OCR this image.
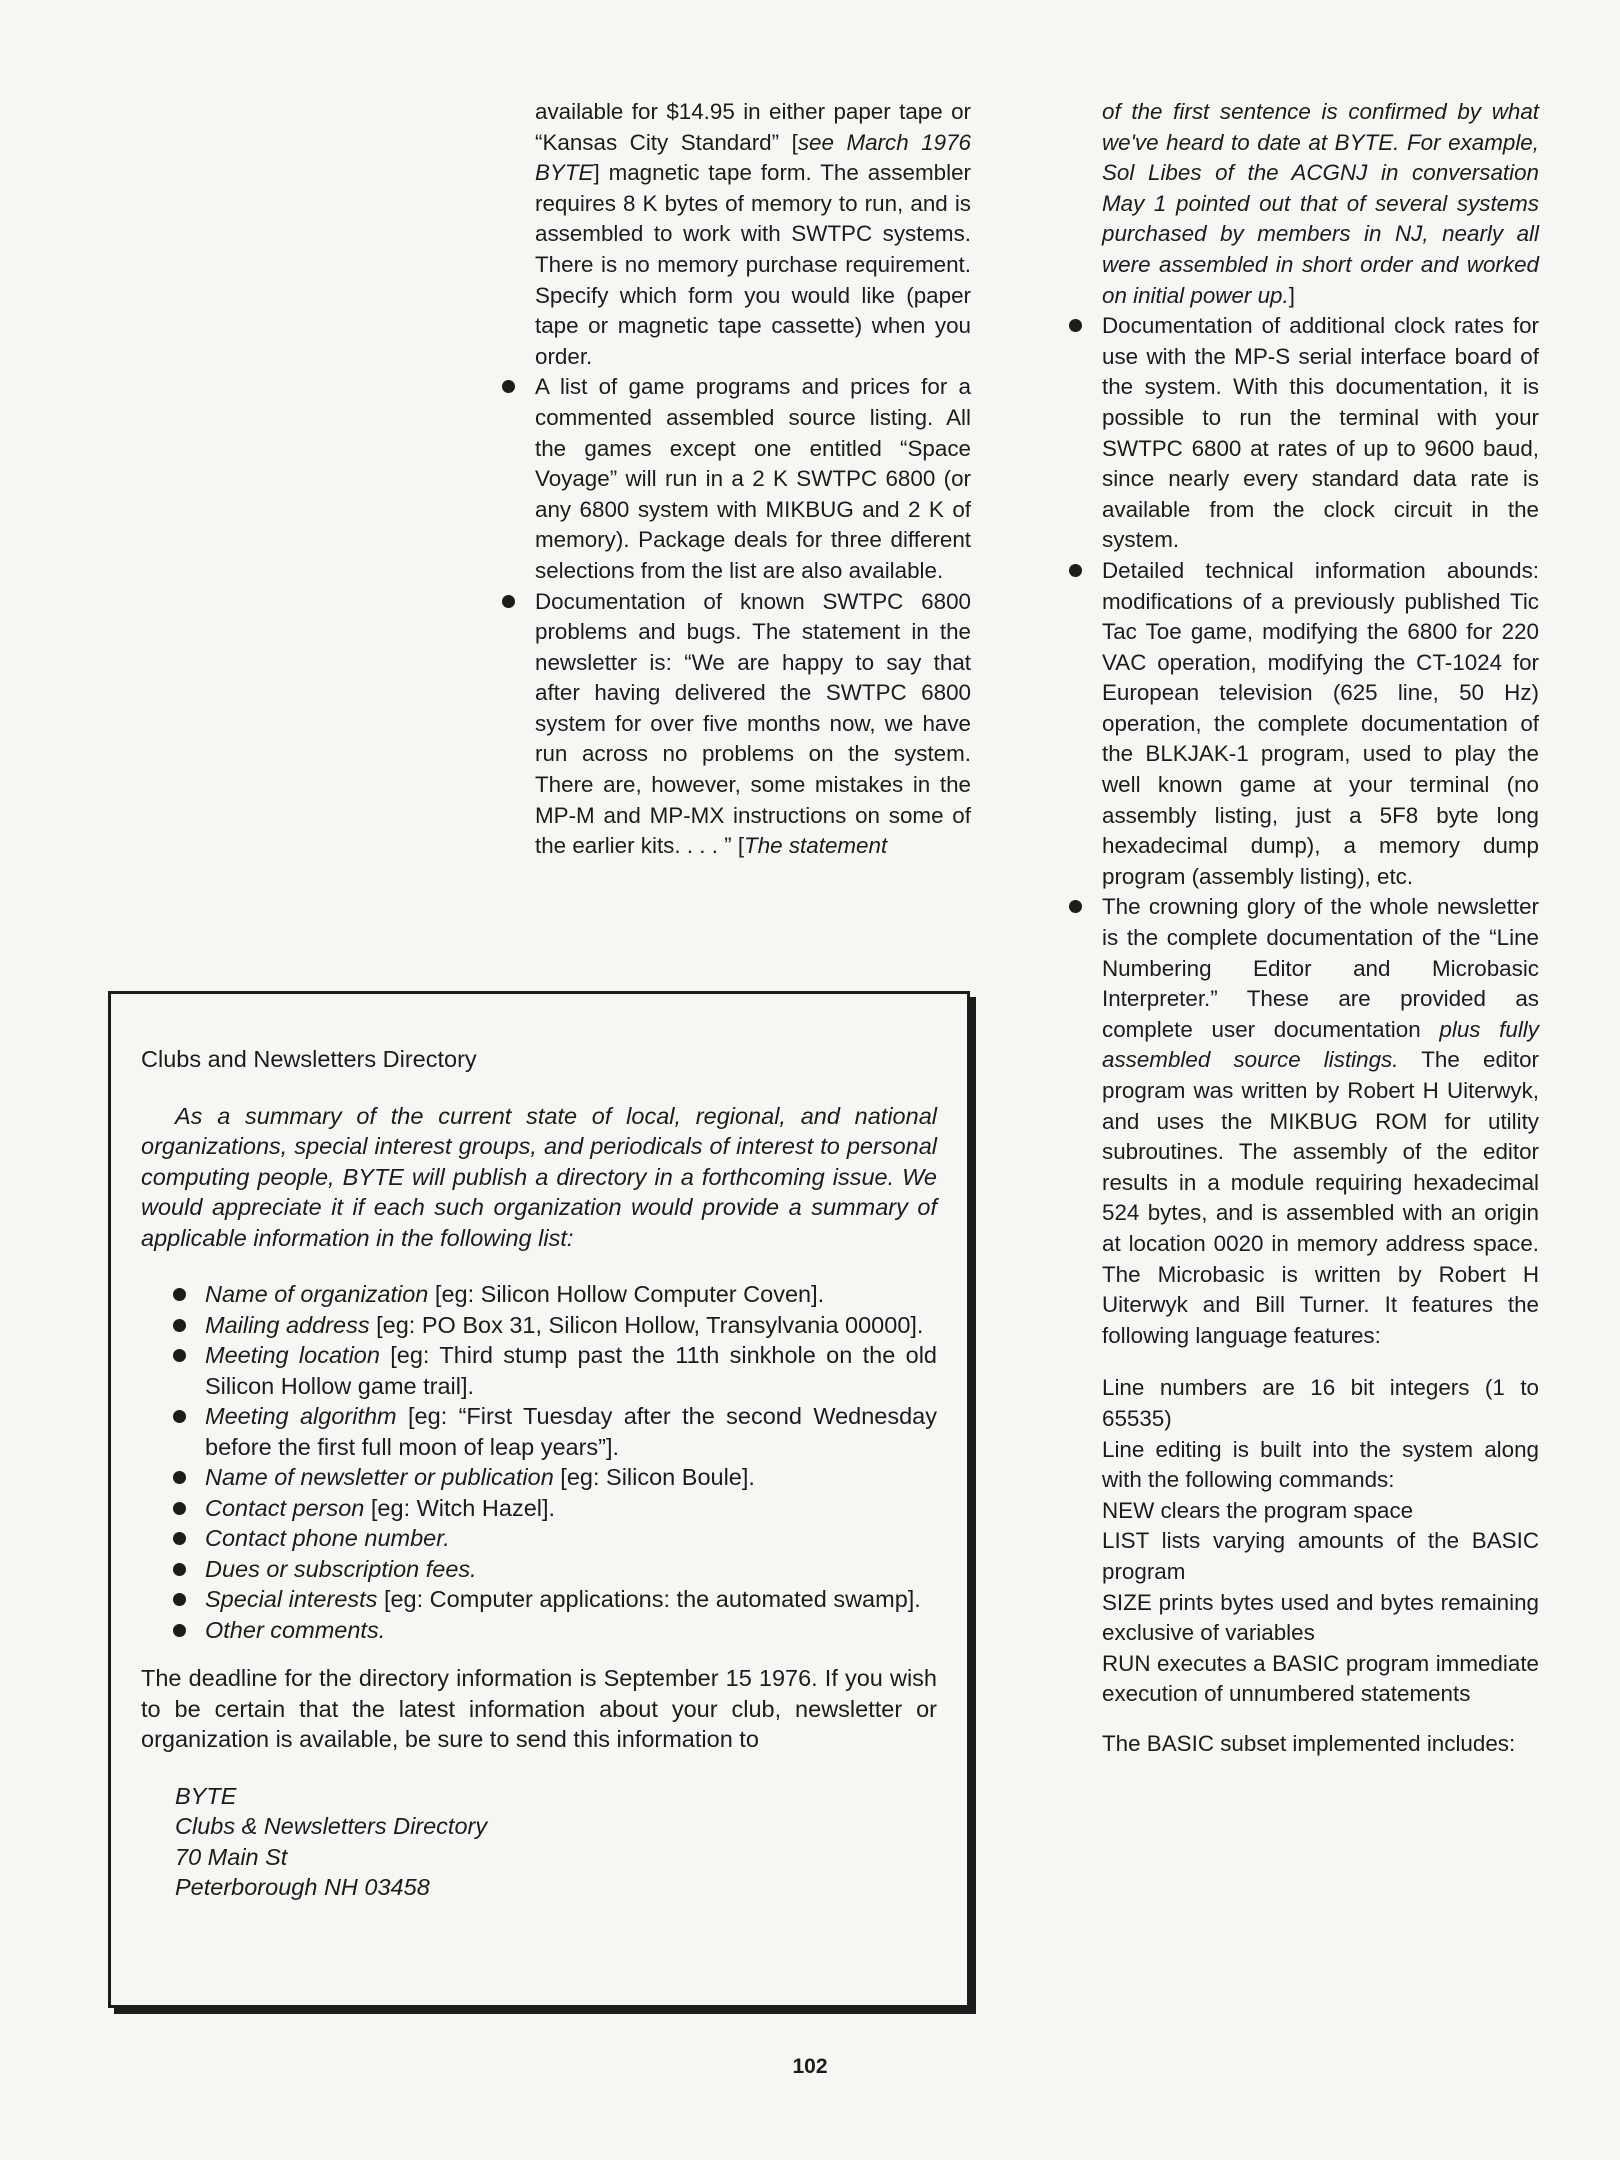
available for $14.95 in either paper tape or “Kansas City Standard” [see March 1976 BYTE] magnetic tape form. The assembler requires 8 K bytes of memory to run, and is assembled to work with SWTPC systems. There is no memory purchase requirement. Specify which form you would like (paper tape or magnetic tape cassette) when you order.

A list of game programs and prices for a commented assembled source listing. All the games except one entitled “Space Voyage” will run in a 2 K SWTPC 6800 (or any 6800 system with MIKBUG and 2 K of memory). Package deals for three different selections from the list are also available.

Documentation of known SWTPC 6800 problems and bugs. The statement in the newsletter is: “We are happy to say that after having delivered the SWTPC 6800 system for over five months now, we have run across no problems on the system. There are, however, some mistakes in the MP-M and MP-MX instructions on some of the earlier kits. . . . ” [The statement

of the first sentence is confirmed by what we've heard to date at BYTE. For example, Sol Libes of the ACGNJ in conversation May 1 pointed out that of several systems purchased by members in NJ, nearly all were assembled in short order and worked on initial power up.]

Documentation of additional clock rates for use with the MP-S serial interface board of the system. With this documentation, it is possible to run the terminal with your SWTPC 6800 at rates of up to 9600 baud, since nearly every standard data rate is available from the clock circuit in the system.

Detailed technical information abounds: modifications of a previously published Tic Tac Toe game, modifying the 6800 for 220 VAC operation, modifying the CT-1024 for European television (625 line, 50 Hz) operation, the complete documentation of the BLKJAK-1 program, used to play the well known game at your terminal (no assembly listing, just a 5F8 byte long hexadecimal dump), a memory dump program (assembly listing), etc.

The crowning glory of the whole newsletter is the complete documentation of the “Line Numbering Editor and Microbasic Interpreter.” These are provided as complete user documentation plus fully assembled source listings. The editor program was written by Robert H Uiterwyk, and uses the MIKBUG ROM for utility subroutines. The assembly of the editor results in a module requiring hexadecimal 524 bytes, and is assembled with an origin at location 0020 in memory address space. The Microbasic is written by Robert H Uiterwyk and Bill Turner. It features the following language features:

Line numbers are 16 bit integers (1 to 65535)

Line editing is built into the system along with the following commands:

NEW clears the program space

LIST lists varying amounts of the BASIC program

SIZE prints bytes used and bytes remaining exclusive of variables

RUN executes a BASIC program immediate execution of unnumbered statements

The BASIC subset implemented includes:

Clubs and Newsletters Directory

As a summary of the current state of local, regional, and national organizations, special interest groups, and periodicals of interest to personal computing people, BYTE will publish a directory in a forthcoming issue. We would appreciate it if each such organization would provide a summary of applicable information in the following list:

Name of organization [eg: Silicon Hollow Computer Coven].
Mailing address [eg: PO Box 31, Silicon Hollow, Transylvania 00000].
Meeting location [eg: Third stump past the 11th sinkhole on the old Silicon Hollow game trail].
Meeting algorithm [eg: “First Tuesday after the second Wednesday before the first full moon of leap years”].
Name of newsletter or publication [eg: Silicon Boule].
Contact person [eg: Witch Hazel].
Contact phone number.
Dues or subscription fees.
Special interests [eg: Computer applications: the automated swamp].
Other comments.

The deadline for the directory information is September 15 1976. If you wish to be certain that the latest information about your club, newsletter or organization is available, be sure to send this information to

BYTE
Clubs & Newsletters Directory
70 Main St
Peterborough NH 03458
102
